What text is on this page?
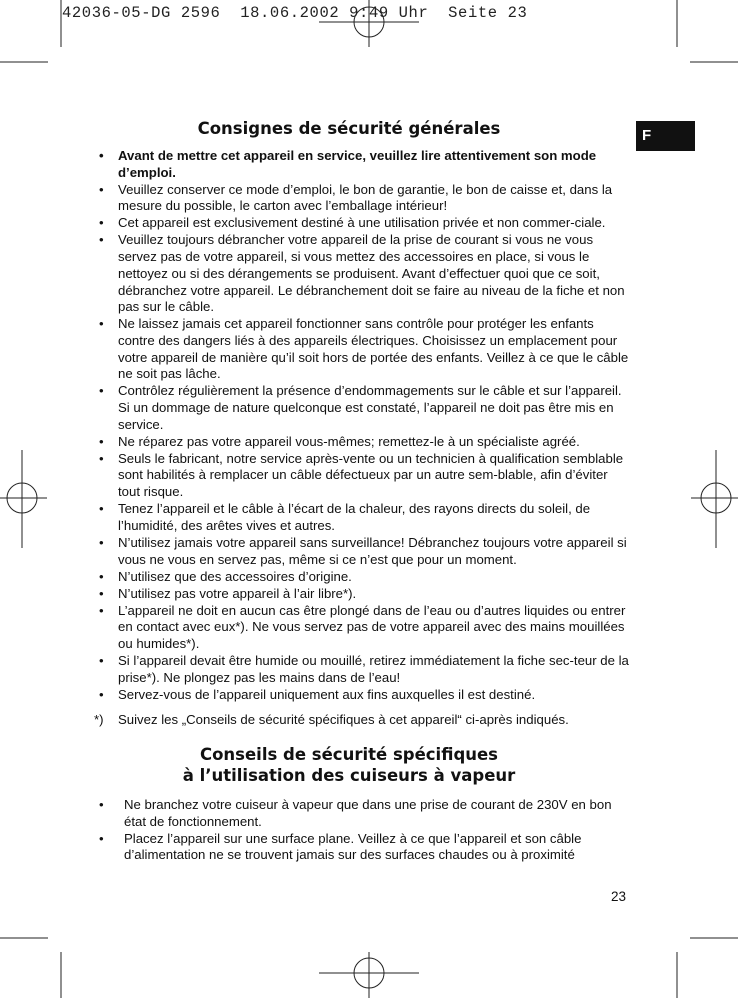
42036-05-DG 2596  18.06.2002 9:49 Uhr  Seite 23
F
Consignes de sécurité générales
• Avant de mettre cet appareil en service, veuillez lire attentivement son mode d’emploi.
• Veuillez conserver ce mode d’emploi, le bon de garantie, le bon de caisse et, dans la mesure du possible, le carton avec l’emballage intérieur!
• Cet appareil est exclusivement destiné à une utilisation privée et non commer-ciale.
• Veuillez toujours débrancher votre appareil de la prise de courant si vous ne vous servez pas de votre appareil, si vous mettez des accessoires en place, si vous le nettoyez ou si des dérangements se produisent. Avant d’effectuer quoi que ce soit, débranchez votre appareil. Le débranchement doit se faire au niveau de la fiche et non pas sur le câble.
• Ne laissez jamais cet appareil fonctionner sans contrôle pour protéger les enfants contre des dangers liés à des appareils électriques. Choisissez un emplacement pour votre appareil de manière qu’il soit hors de portée des enfants. Veillez à ce que le câble ne soit pas lâche.
• Contrôlez régulièrement la présence d’endommagements sur le câble et sur l’appareil. Si un dommage de nature quelconque est constaté, l’appareil ne doit pas être mis en service.
• Ne réparez pas votre appareil vous-mêmes; remettez-le à un spécialiste agréé.
• Seuls le fabricant, notre service après-vente ou un technicien à qualification semblable sont habilités à remplacer un câble défectueux par un autre sem-blable, afin d’éviter tout risque.
• Tenez l’appareil et le câble à l’écart de la chaleur, des rayons directs du soleil, de l’humidité, des arêtes vives et autres.
• N’utilisez jamais votre appareil sans surveillance! Débranchez toujours votre appareil si vous ne vous en servez pas, même si ce n’est que pour un moment.
• N’utilisez que des accessoires d’origine.
• N’utilisez pas votre appareil à l’air libre*).
• L’appareil ne doit en aucun cas être plongé dans de l’eau ou d’autres liquides ou entrer en contact avec eux*). Ne vous servez pas de votre appareil avec des mains mouillées ou humides*).
• Si l’appareil devait être humide ou mouillé, retirez immédiatement la fiche sec-teur de la prise*). Ne plongez pas les mains dans de l’eau!
• Servez-vous de l’appareil uniquement aux fins auxquelles il est destiné.
*) Suivez les „Conseils de sécurité spécifiques à cet appareil“ ci-après indiqués.
Conseils de sécurité spécifiques
à l’utilisation des cuiseurs à vapeur
• Ne branchez votre cuiseur à vapeur que dans une prise de courant de 230V en bon état de fonctionnement.
• Placez l’appareil sur une surface plane. Veillez à ce que l’appareil et son câble d’alimentation ne se trouvent jamais sur des surfaces chaudes ou à proximité
23
